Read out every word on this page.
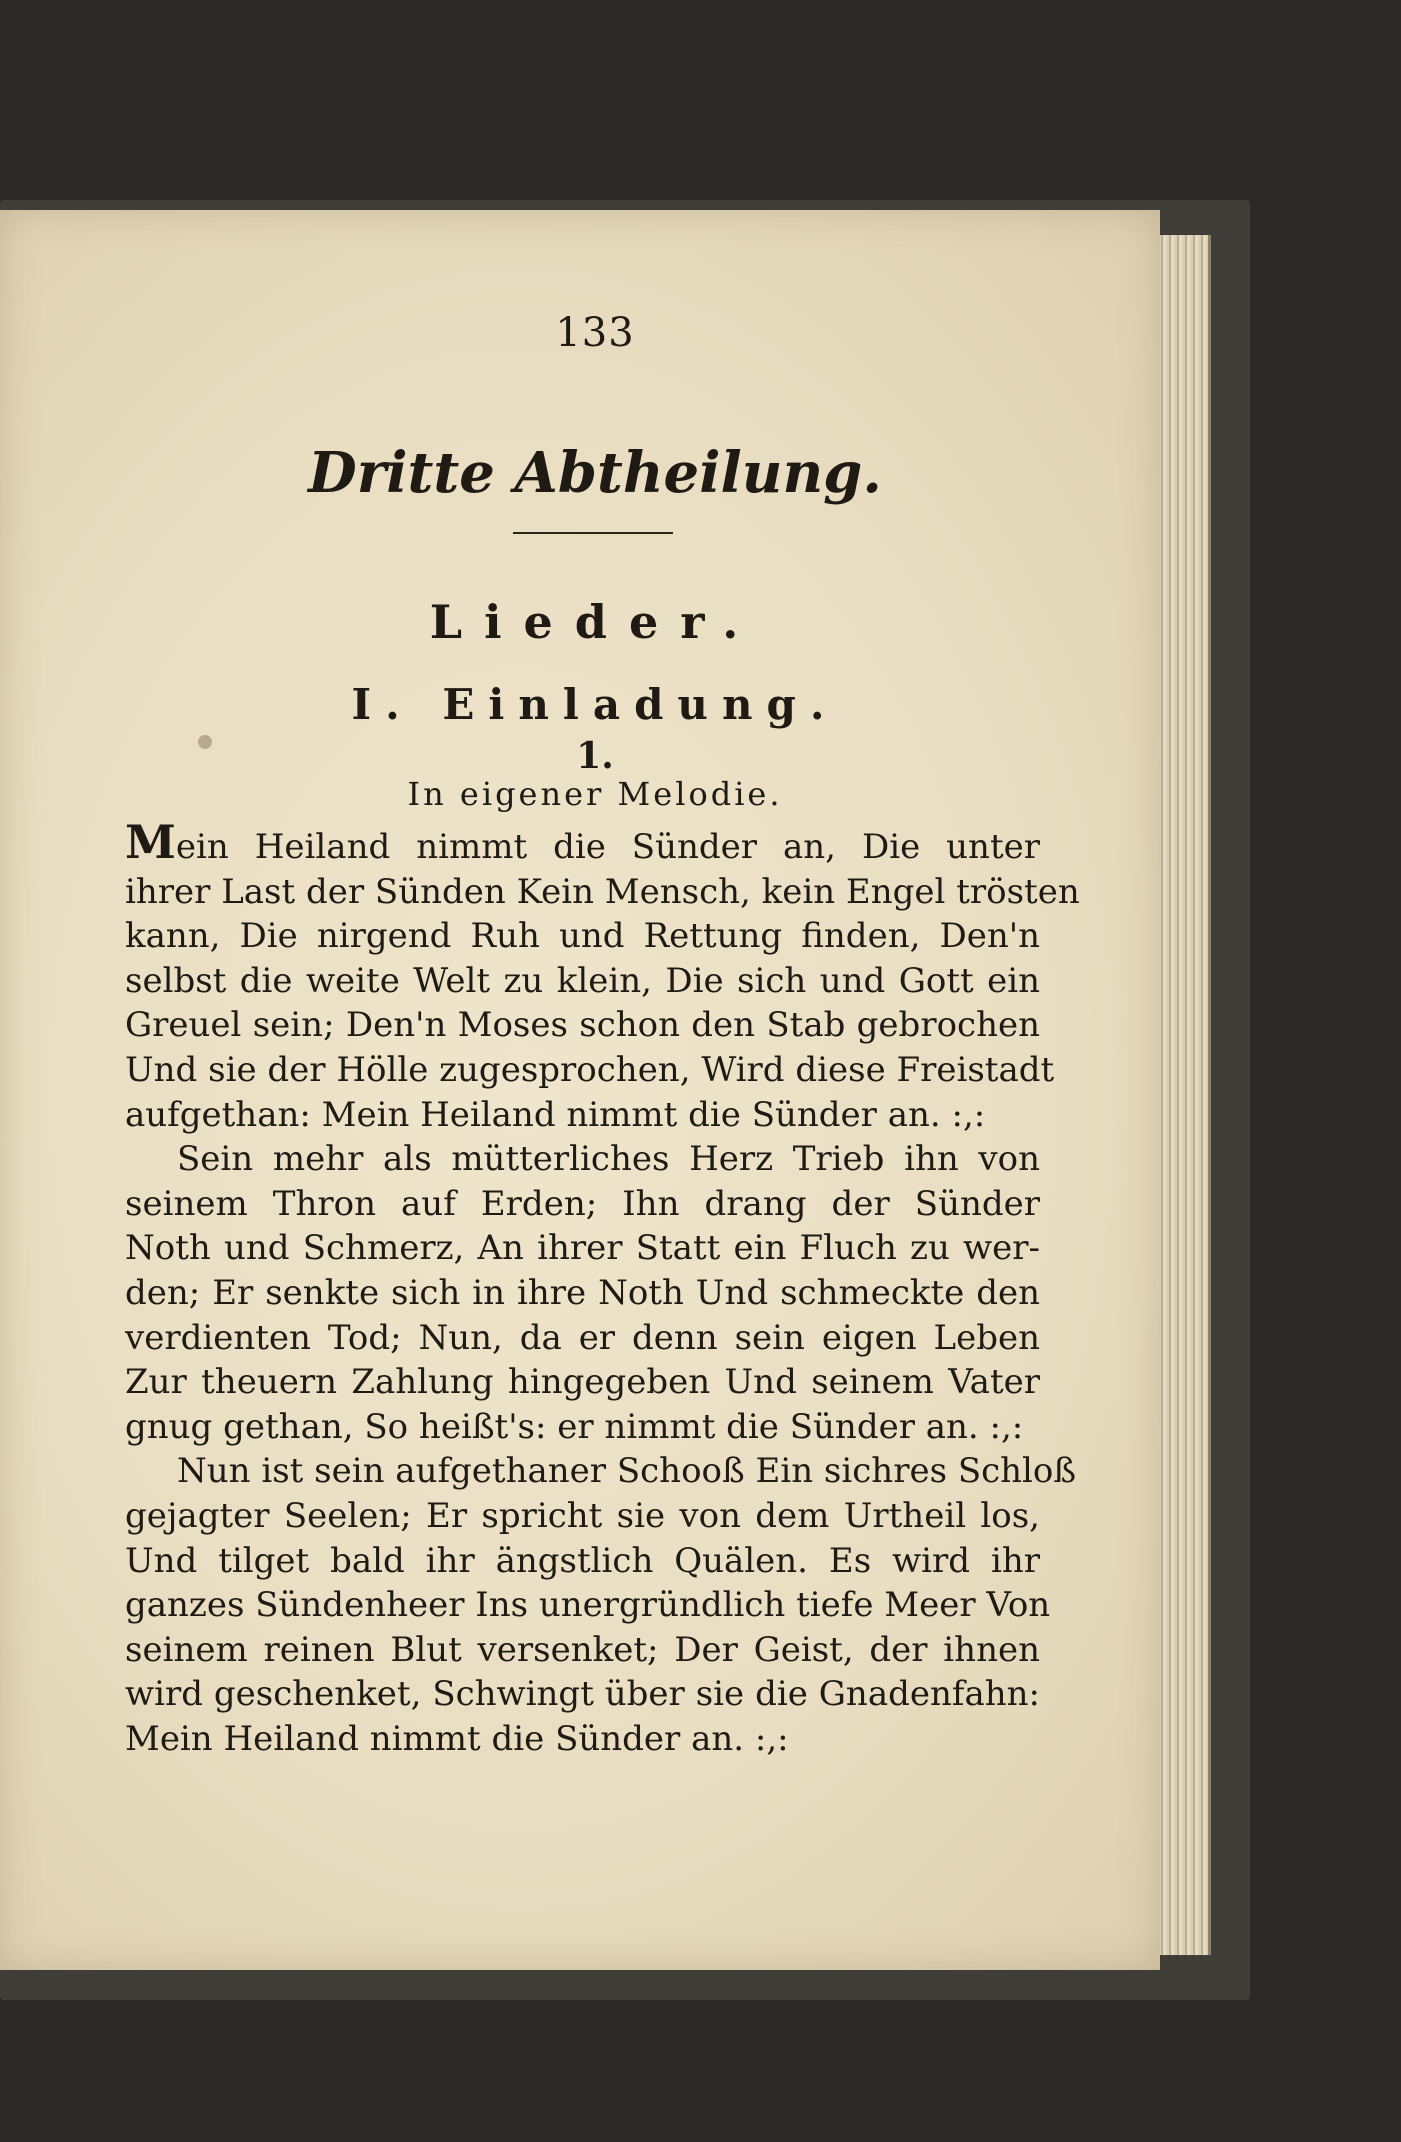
133
Dritte Abtheilung.
Lieder.
I. Einladung.
1.
In eigener Melodie.
Mein Heiland nimmt die Sünder an, Die unter
ihrer Last der Sünden Kein Mensch, kein Engel trösten
kann, Die nirgend Ruh und Rettung finden, Den'n
selbst die weite Welt zu klein, Die sich und Gott ein
Greuel sein; Den'n Moses schon den Stab gebrochen
Und sie der Hölle zugesprochen, Wird diese Freistadt
aufgethan: Mein Heiland nimmt die Sünder an. :,:
Sein mehr als mütterliches Herz Trieb ihn von
seinem Thron auf Erden; Ihn drang der Sünder
Noth und Schmerz, An ihrer Statt ein Fluch zu wer-
den; Er senkte sich in ihre Noth Und schmeckte den
verdienten Tod; Nun, da er denn sein eigen Leben
Zur theuern Zahlung hingegeben Und seinem Vater
gnug gethan, So heißt's: er nimmt die Sünder an. :,:
Nun ist sein aufgethaner Schooß Ein sichres Schloß
gejagter Seelen; Er spricht sie von dem Urtheil los,
Und tilget bald ihr ängstlich Quälen. Es wird ihr
ganzes Sündenheer Ins unergründlich tiefe Meer Von
seinem reinen Blut versenket; Der Geist, der ihnen
wird geschenket, Schwingt über sie die Gnadenfahn:
Mein Heiland nimmt die Sünder an. :,:
